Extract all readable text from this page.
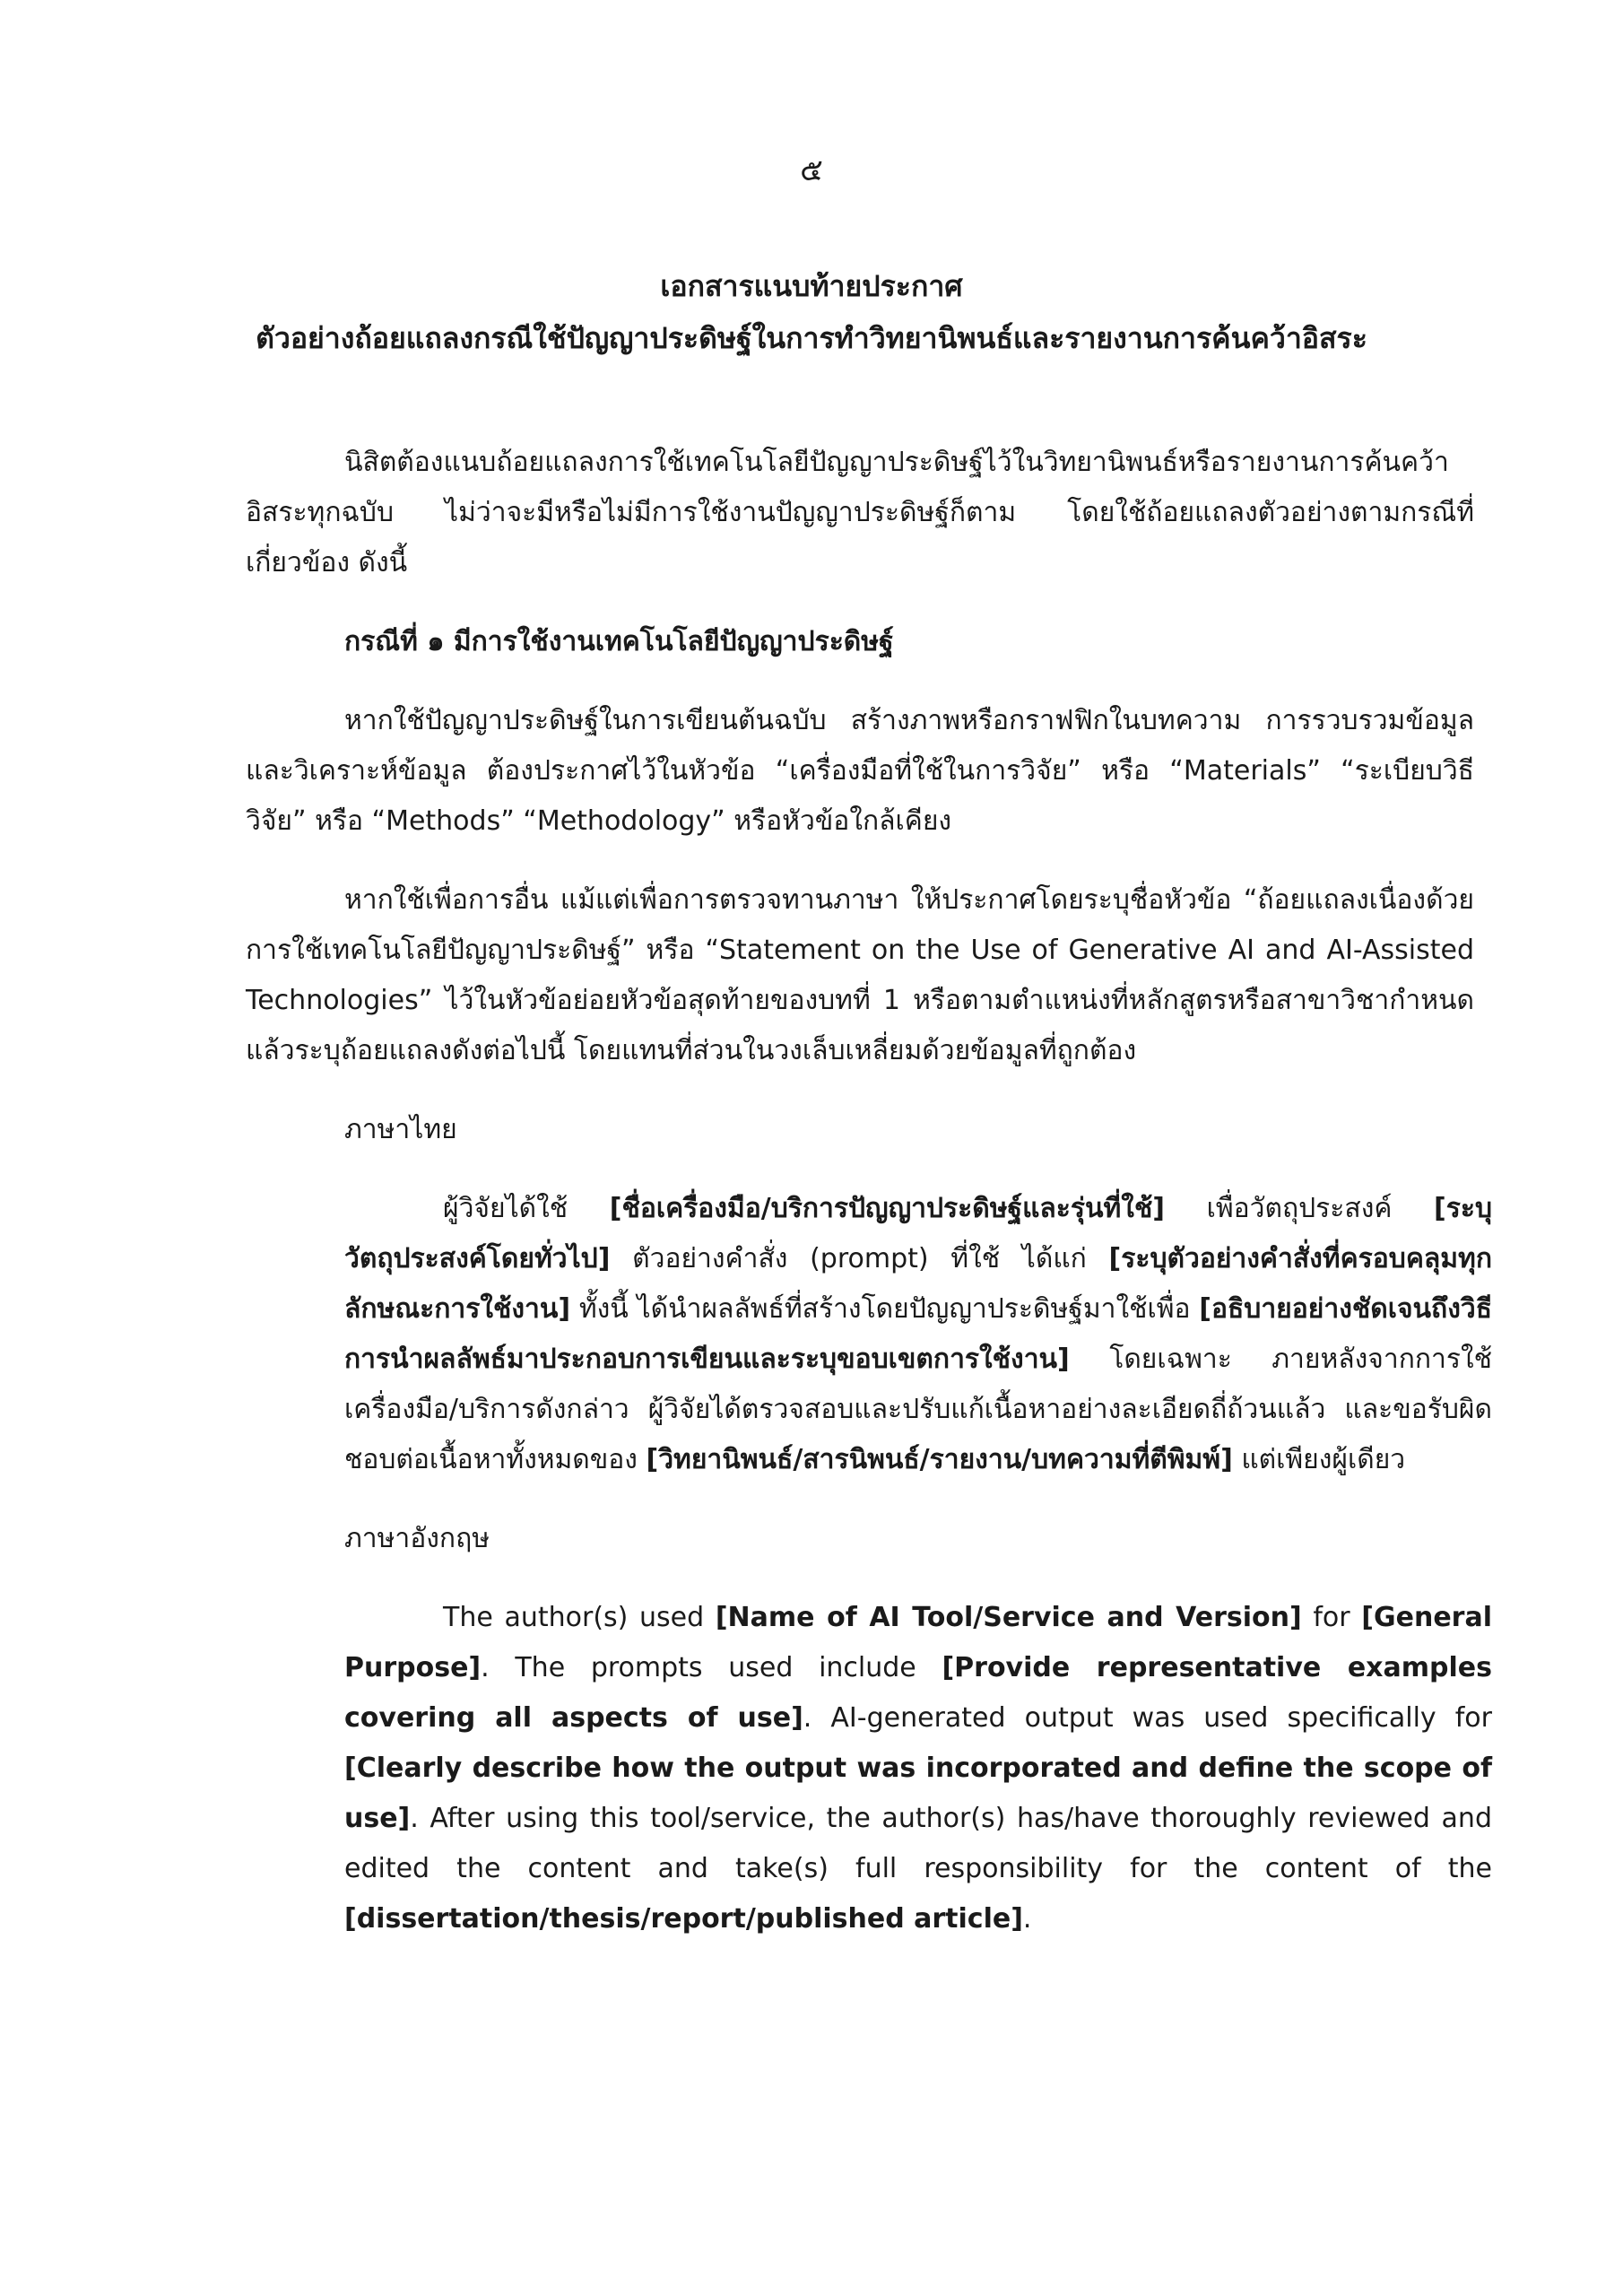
๕
เอกสารแนบท้ายประกาศ
ตัวอย่างถ้อยแถลงกรณีใช้ปัญญาประดิษฐ์ในการทำวิทยานิพนธ์และรายงานการค้นคว้าอิสระ

นิสิตต้องแนบถ้อยแถลงการใช้เทคโนโลยีปัญญาประดิษฐ์ไว้ในวิทยานิพนธ์หรือรายงานการค้นคว้าอิสระทุกฉบับ ไม่ว่าจะมีหรือไม่มีการใช้งานปัญญาประดิษฐ์ก็ตาม โดยใช้ถ้อยแถลงตัวอย่างตามกรณีที่เกี่ยวข้อง ดังนี้

กรณีที่ ๑ มีการใช้งานเทคโนโลยีปัญญาประดิษฐ์

หากใช้ปัญญาประดิษฐ์ในการเขียนต้นฉบับ สร้างภาพหรือกราฟฟิกในบทความ การรวบรวมข้อมูลและวิเคราะห์ข้อมูล ต้องประกาศไว้ในหัวข้อ “เครื่องมือที่ใช้ในการวิจัย” หรือ “Materials” “ระเบียบวิธีวิจัย” หรือ “Methods” “Methodology” หรือหัวข้อใกล้เคียง

หากใช้เพื่อการอื่น แม้แต่เพื่อการตรวจทานภาษา ให้ประกาศโดยระบุชื่อหัวข้อ “ถ้อยแถลงเนื่องด้วยการใช้เทคโนโลยีปัญญาประดิษฐ์” หรือ “Statement on the Use of Generative AI and AI-Assisted Technologies” ไว้ในหัวข้อย่อยหัวข้อสุดท้ายของบทที่ 1 หรือตามตำแหน่งที่หลักสูตรหรือสาขาวิชากำหนด แล้วระบุถ้อยแถลงดังต่อไปนี้ โดยแทนที่ส่วนในวงเล็บเหลี่ยมด้วยข้อมูลที่ถูกต้อง

ภาษาไทย

ผู้วิจัยได้ใช้ [ชื่อเครื่องมือ/บริการปัญญาประดิษฐ์และรุ่นที่ใช้] เพื่อวัตถุประสงค์ [ระบุวัตถุประสงค์โดยทั่วไป] ตัวอย่างคำสั่ง (prompt) ที่ใช้ ได้แก่ [ระบุตัวอย่างคำสั่งที่ครอบคลุมทุกลักษณะการใช้งาน] ทั้งนี้ ได้นำผลลัพธ์ที่สร้างโดยปัญญาประดิษฐ์มาใช้เพื่อ [อธิบายอย่างชัดเจนถึงวิธีการนำผลลัพธ์มาประกอบการเขียนและระบุขอบเขตการใช้งาน] โดยเฉพาะ ภายหลังจากการใช้เครื่องมือ/บริการดังกล่าว ผู้วิจัยได้ตรวจสอบและปรับแก้เนื้อหาอย่างละเอียดถี่ถ้วนแล้ว และขอรับผิดชอบต่อเนื้อหาทั้งหมดของ [วิทยานิพนธ์/สารนิพนธ์/รายงาน/บทความที่ตีพิมพ์] แต่เพียงผู้เดียว

ภาษาอังกฤษ

The author(s) used [Name of AI Tool/Service and Version] for [General Purpose]. The prompts used include [Provide representative examples covering all aspects of use]. AI-generated output was used specifically for [Clearly describe how the output was incorporated and define the scope of use]. After using this tool/service, the author(s) has/have thoroughly reviewed and edited the content and take(s) full responsibility for the content of the [dissertation/thesis/report/published article].
